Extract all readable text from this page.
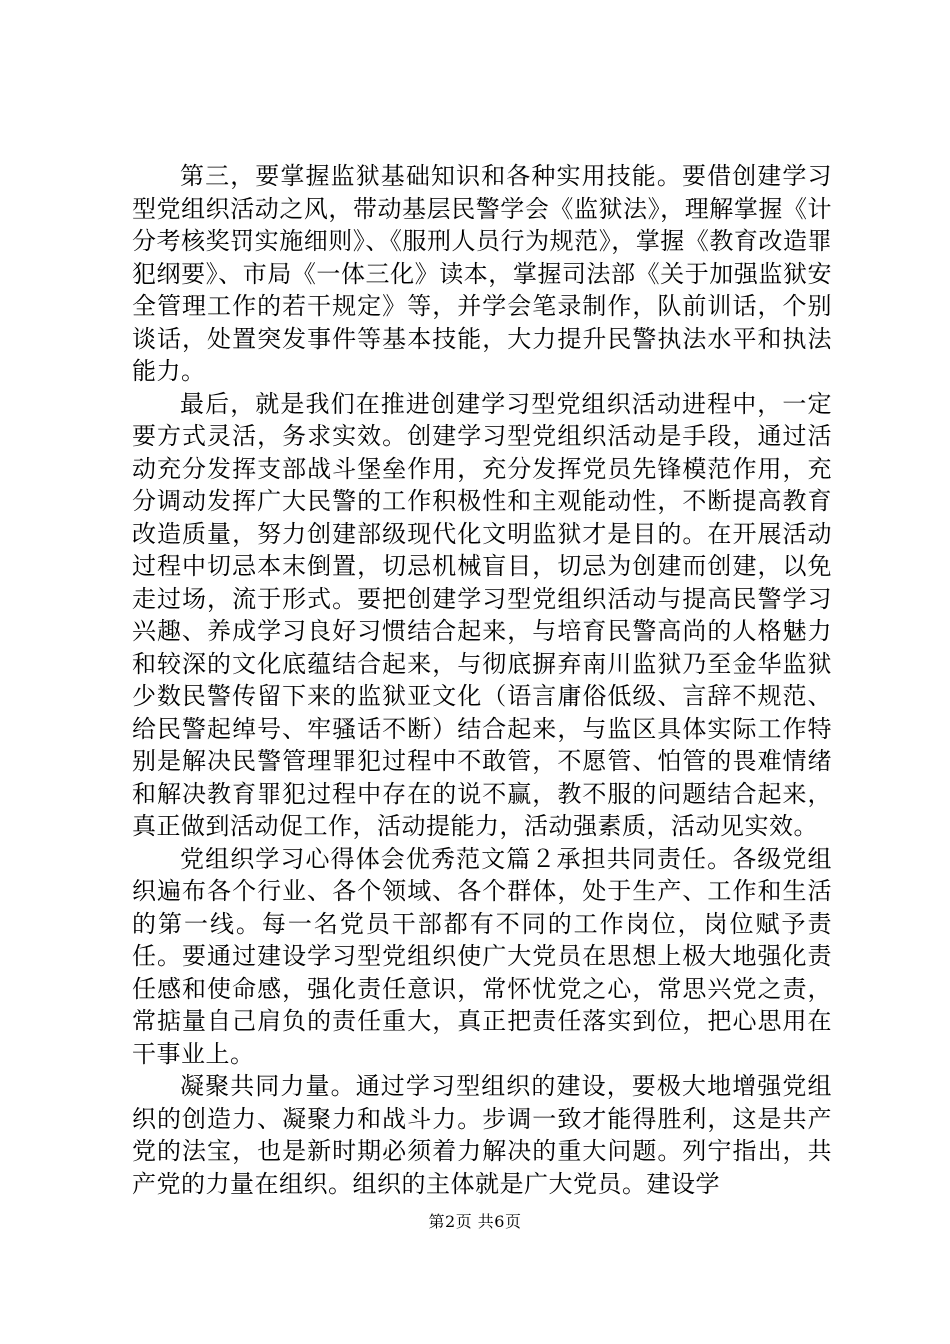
第三，要掌握监狱基础知识和各种实用技能。要借创建学习型党组织活动之风，带动基层民警学会《监狱法》，理解掌握《计分考核奖罚实施细则》、《服刑人员行为规范》，掌握《教育改造罪犯纲要》、市局《一体三化》读本，掌握司法部《关于加强监狱安全管理工作的若干规定》等，并学会笔录制作，队前训话，个别谈话，处置突发事件等基本技能，大力提升民警执法水平和执法能力。

最后，就是我们在推进创建学习型党组织活动进程中，一定要方式灵活，务求实效。创建学习型党组织活动是手段，通过活动充分发挥支部战斗堡垒作用，充分发挥党员先锋模范作用，充分调动发挥广大民警的工作积极性和主观能动性，不断提高教育改造质量，努力创建部级现代化文明监狱才是目的。在开展活动过程中切忌本末倒置，切忌机械盲目，切忌为创建而创建，以免走过场，流于形式。要把创建学习型党组织活动与提高民警学习兴趣、养成学习良好习惯结合起来，与培育民警高尚的人格魅力和较深的文化底蕴结合起来，与彻底摒弃南川监狱乃至金华监狱少数民警传留下来的监狱亚文化（语言庸俗低级、言辞不规范、给民警起绰号、牢骚话不断）结合起来，与监区具体实际工作特别是解决民警管理罪犯过程中不敢管，不愿管、怕管的畏难情绪和解决教育罪犯过程中存在的说不赢，教不服的问题结合起来，真正做到活动促工作，活动提能力，活动强素质，活动见实效。

党组织学习心得体会优秀范文篇２承担共同责任。各级党组织遍布各个行业、各个领域、各个群体，处于生产、工作和生活的第一线。每一名党员干部都有不同的工作岗位，岗位赋予责任。要通过建设学习型党组织使广大党员在思想上极大地强化责任感和使命感，强化责任意识，常怀忧党之心，常思兴党之责，常掂量自己肩负的责任重大，真正把责任落实到位，把心思用在干事业上。

凝聚共同力量。通过学习型组织的建设，要极大地增强党组织的创造力、凝聚力和战斗力。步调一致才能得胜利，这是共产党的法宝，也是新时期必须着力解决的重大问题。列宁指出，共产党的力量在组织。组织的主体就是广大党员。建设学

第2页 共6页
